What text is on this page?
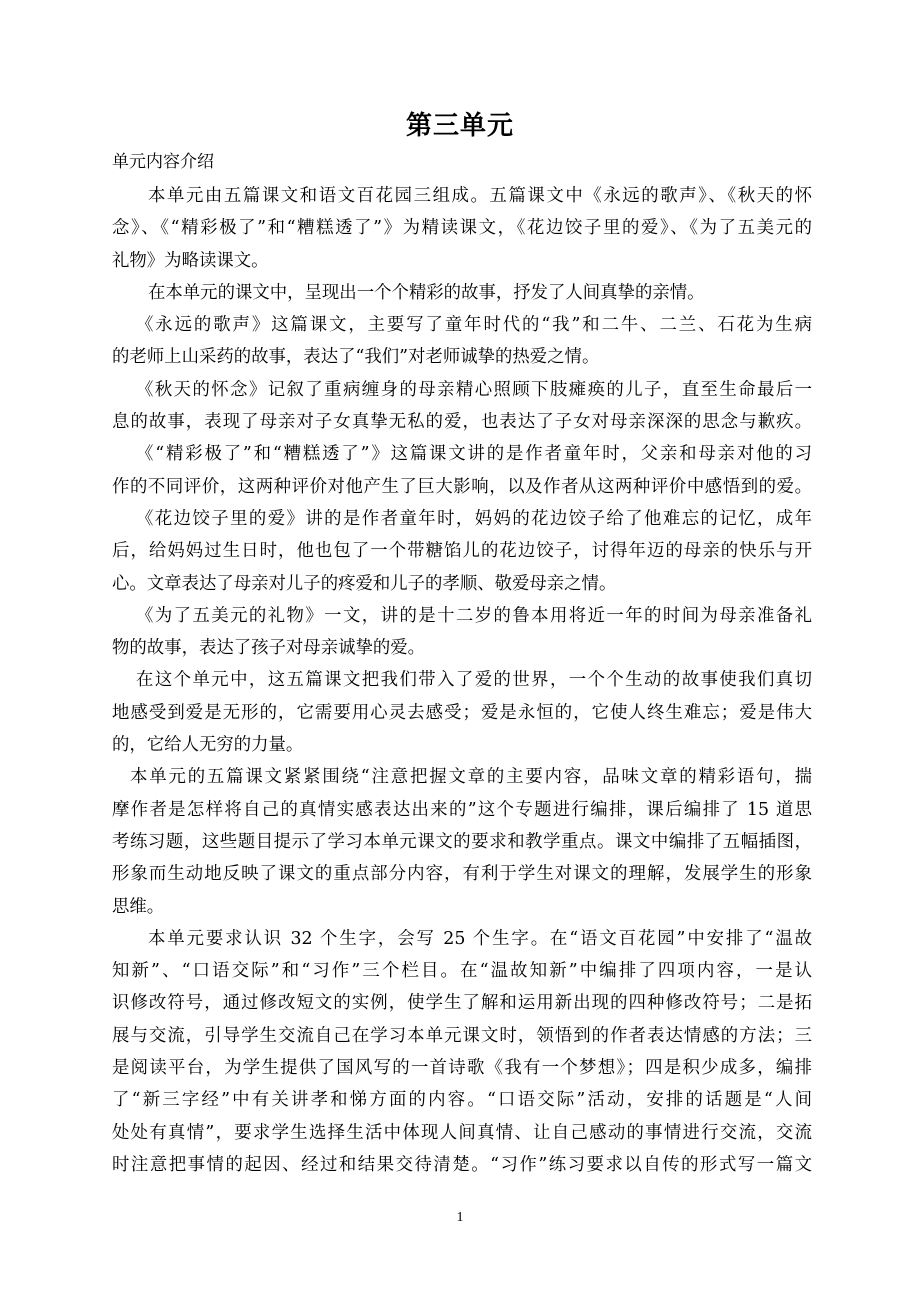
第三单元
单元内容介绍
本单元由五篇课文和语文百花园三组成。五篇课文中《永远的歌声》、《秋天的怀
念》、《“精彩极了”和“糟糕透了”》为精读课文，《花边饺子里的爱》、《为了五美元的
礼物》为略读课文。
在本单元的课文中，呈现出一个个精彩的故事，抒发了人间真挚的亲情。
《永远的歌声》这篇课文，主要写了童年时代的“我”和二牛、二兰、石花为生病
的老师上山采药的故事，表达了“我们”对老师诚挚的热爱之情。
《秋天的怀念》记叙了重病缠身的母亲精心照顾下肢瘫痪的儿子，直至生命最后一
息的故事，表现了母亲对子女真挚无私的爱，也表达了子女对母亲深深的思念与歉疚。
《“精彩极了”和“糟糕透了”》这篇课文讲的是作者童年时，父亲和母亲对他的习
作的不同评价，这两种评价对他产生了巨大影响，以及作者从这两种评价中感悟到的爱。
《花边饺子里的爱》讲的是作者童年时，妈妈的花边饺子给了他难忘的记忆，成年
后，给妈妈过生日时，他也包了一个带糖馅儿的花边饺子，讨得年迈的母亲的快乐与开
心。文章表达了母亲对儿子的疼爱和儿子的孝顺、敬爱母亲之情。
《为了五美元的礼物》一文，讲的是十二岁的鲁本用将近一年的时间为母亲准备礼
物的故事，表达了孩子对母亲诚挚的爱。
在这个单元中，这五篇课文把我们带入了爱的世界，一个个生动的故事使我们真切
地感受到爱是无形的，它需要用心灵去感受；爱是永恒的，它使人终生难忘；爱是伟大
的，它给人无穷的力量。
本单元的五篇课文紧紧围绕“注意把握文章的主要内容，品味文章的精彩语句，揣
摩作者是怎样将自己的真情实感表达出来的”这个专题进行编排，课后编排了 15 道思
考练习题，这些题目提示了学习本单元课文的要求和教学重点。课文中编排了五幅插图，
形象而生动地反映了课文的重点部分内容，有利于学生对课文的理解，发展学生的形象
思维。
本单元要求认识 32 个生字，会写 25 个生字。在“语文百花园”中安排了“温故
知新”、“口语交际”和“习作”三个栏目。在“温故知新”中编排了四项内容，一是认
识修改符号，通过修改短文的实例，使学生了解和运用新出现的四种修改符号；二是拓
展与交流，引导学生交流自己在学习本单元课文时，领悟到的作者表达情感的方法；三
是阅读平台，为学生提供了国风写的一首诗歌《我有一个梦想》；四是积少成多，编排
了“新三字经”中有关讲孝和悌方面的内容。“口语交际”活动，安排的话题是“人间
处处有真情”，要求学生选择生活中体现人间真情、让自己感动的事情进行交流，交流
时注意把事情的起因、经过和结果交待清楚。“习作”练习要求以自传的形式写一篇文
1
